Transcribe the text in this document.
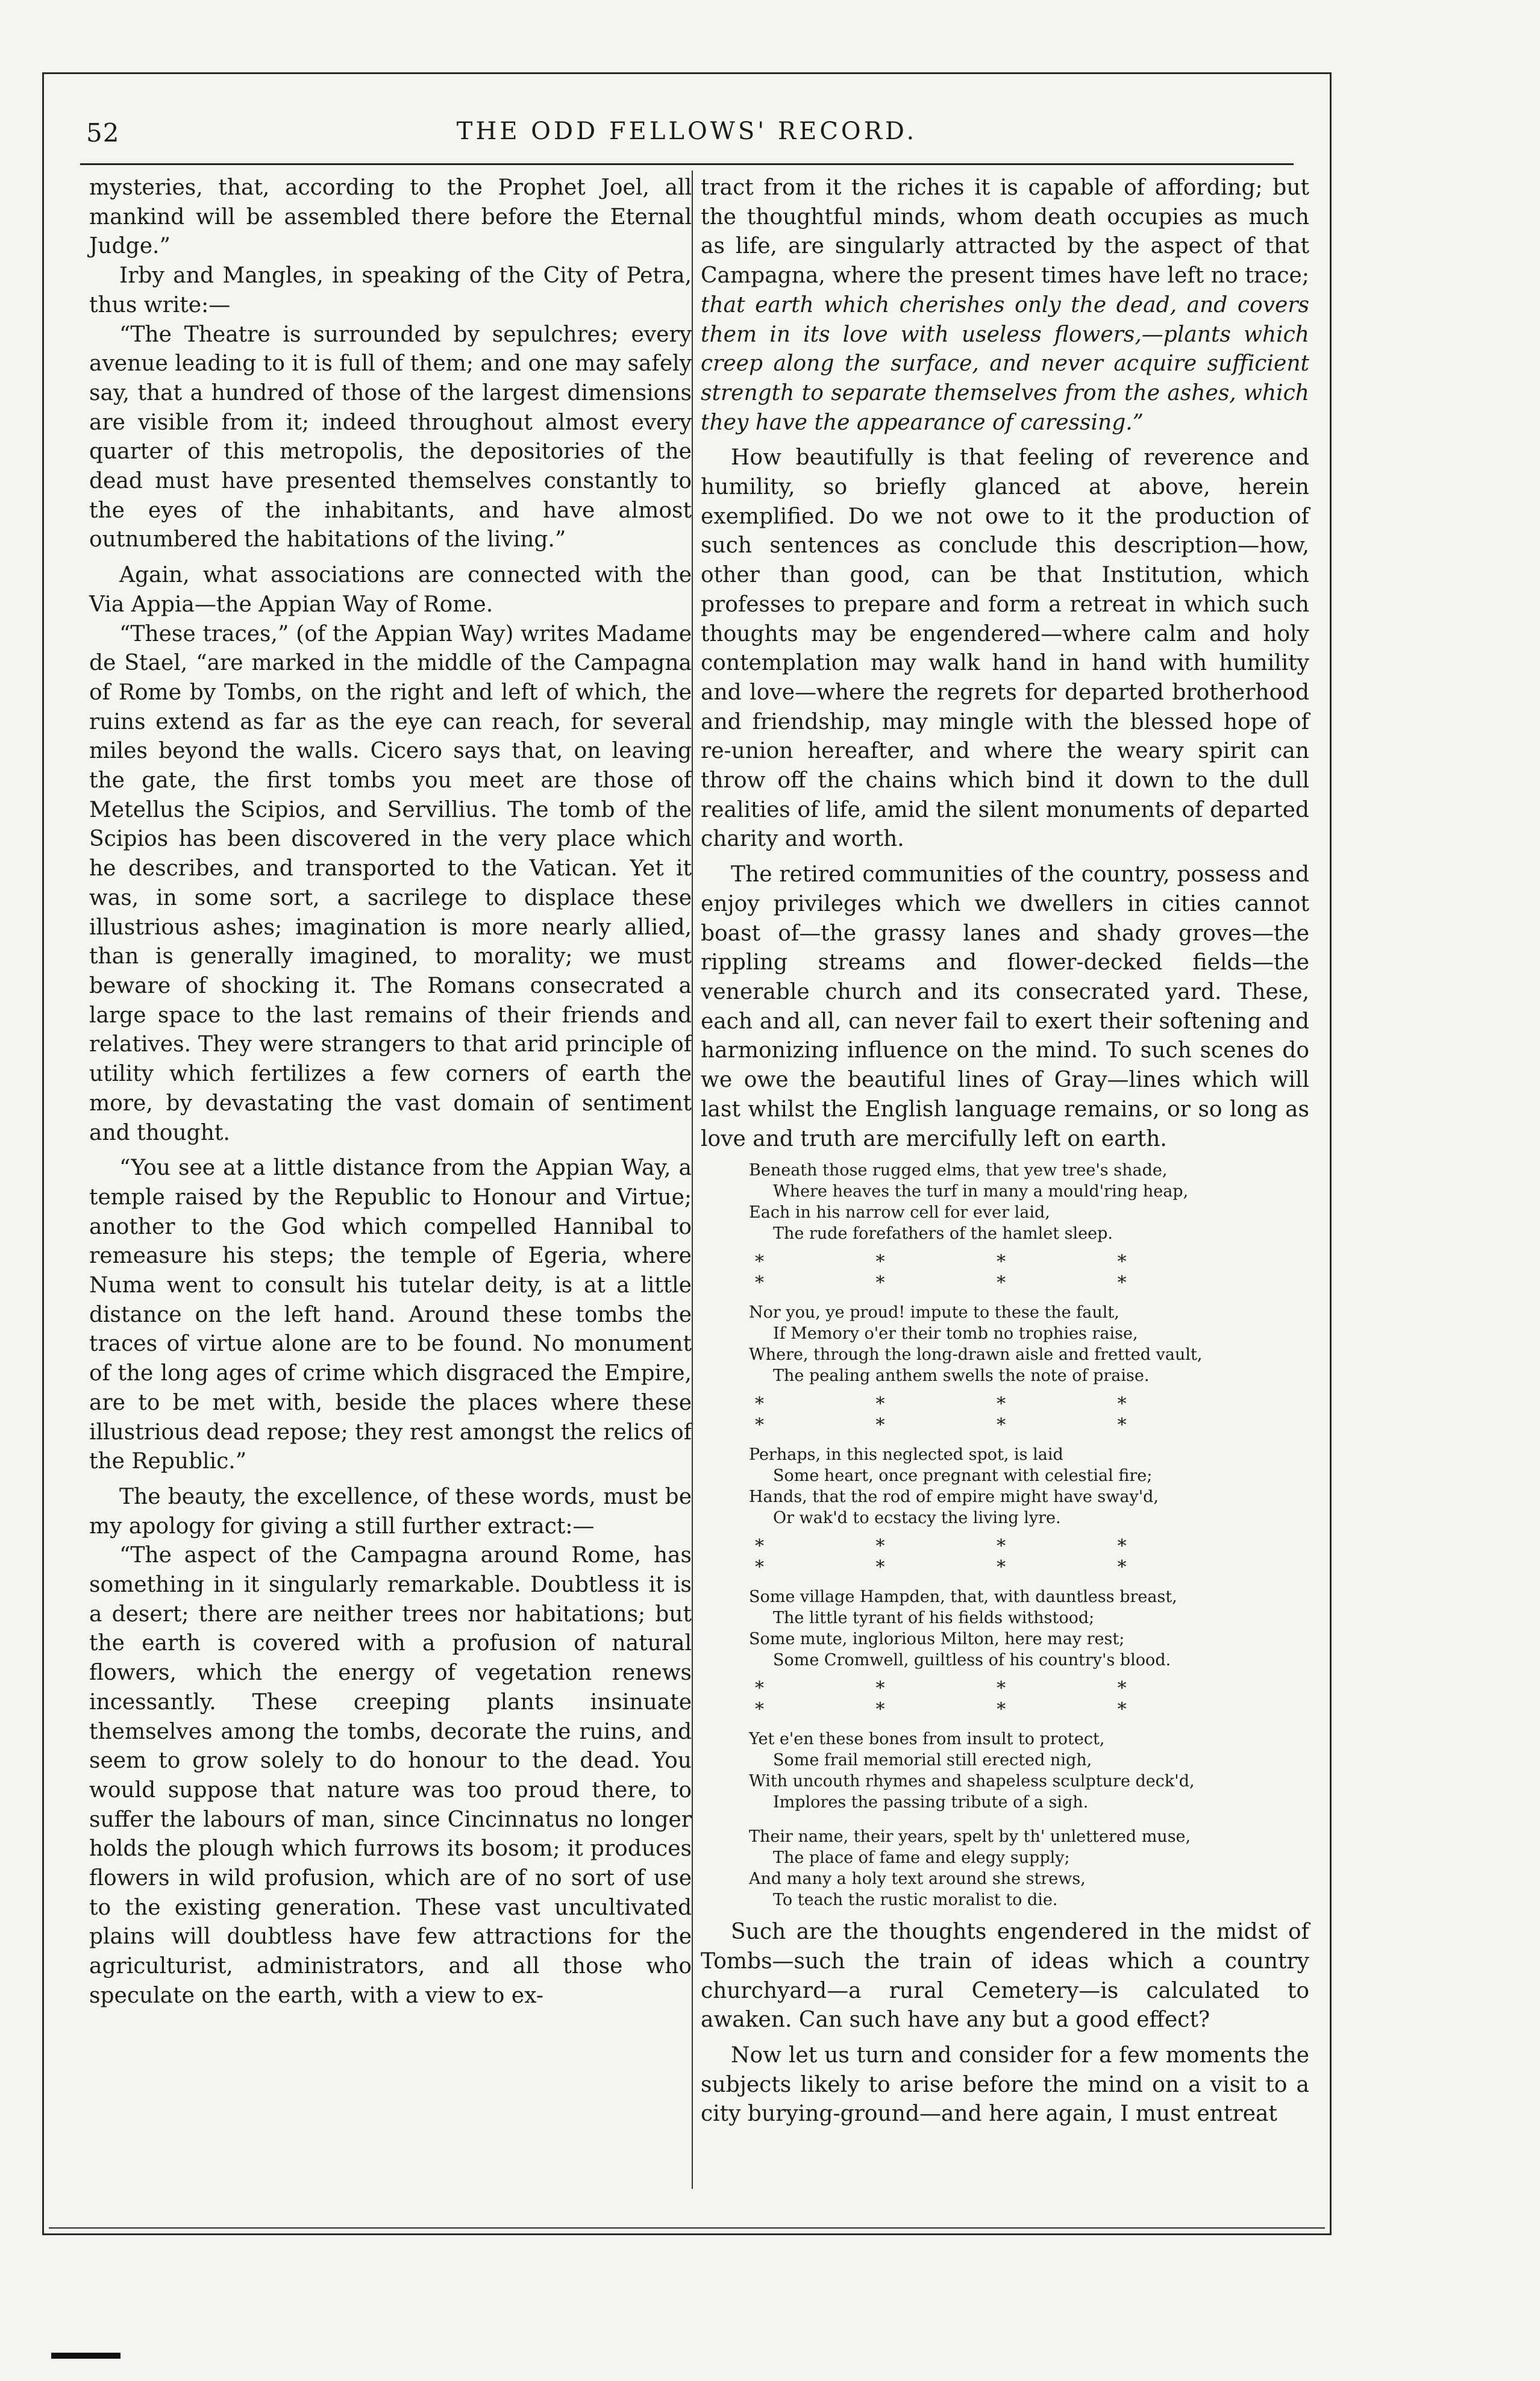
52	THE ODD FELLOWS' RECORD.

mysteries, that, according to the Prophet Joel, all mankind will be assembled there before the Eternal Judge.”

Irby and Mangles, in speaking of the City of Petra, thus write:—

“The Theatre is surrounded by sepulchres; every avenue leading to it is full of them; and one may safely say, that a hundred of those of the largest dimensions are visible from it; indeed throughout almost every quarter of this metropolis, the depositories of the dead must have presented themselves constantly to the eyes of the inhabitants, and have almost outnumbered the habitations of the living.”

Again, what associations are connected with the Via Appia—the Appian Way of Rome.

“These traces,” (of the Appian Way) writes Madame de Stael, “are marked in the middle of the Campagna of Rome by Tombs, on the right and left of which, the ruins extend as far as the eye can reach, for several miles beyond the walls. Cicero says that, on leaving the gate, the first tombs you meet are those of Metellus the Scipios, and Servillius. The tomb of the Scipios has been discovered in the very place which he describes, and transported to the Vatican. Yet it was, in some sort, a sacrilege to displace these illustrious ashes; imagination is more nearly allied, than is generally imagined, to morality; we must beware of shocking it. The Romans consecrated a large space to the last remains of their friends and relatives. They were strangers to that arid principle of utility which fertilizes a few corners of earth the more, by devastating the vast domain of sentiment and thought.

“You see at a little distance from the Appian Way, a temple raised by the Republic to Honour and Virtue; another to the God which compelled Hannibal to remeasure his steps; the temple of Egeria, where Numa went to consult his tutelar deity, is at a little distance on the left hand. Around these tombs the traces of virtue alone are to be found. No monument of the long ages of crime which disgraced the Empire, are to be met with, beside the places where these illustrious dead repose; they rest amongst the relics of the Republic.”

The beauty, the excellence, of these words, must be my apology for giving a still further extract:—

“The aspect of the Campagna around Rome, has something in it singularly remarkable. Doubtless it is a desert; there are neither trees nor habitations; but the earth is covered with a profusion of natural flowers, which the energy of vegetation renews incessantly. These creeping plants insinuate themselves among the tombs, decorate the ruins, and seem to grow solely to do honour to the dead. You would suppose that nature was too proud there, to suffer the labours of man, since Cincinnatus no longer holds the plough which furrows its bosom; it produces flowers in wild profusion, which are of no sort of use to the existing generation. These vast uncultivated plains will doubtless have few attractions for the agriculturist, administrators, and all those who speculate on the earth, with a view to ex-

tract from it the riches it is capable of affording; but the thoughtful minds, whom death occupies as much as life, are singularly attracted by the aspect of that Campagna, where the present times have left no trace; that earth which cherishes only the dead, and covers them in its love with useless flowers,—plants which creep along the surface, and never acquire sufficient strength to separate themselves from the ashes, which they have the appearance of caressing.”

How beautifully is that feeling of reverence and humility, so briefly glanced at above, herein exemplified. Do we not owe to it the production of such sentences as conclude this description—how, other than good, can be that Institution, which professes to prepare and form a retreat in which such thoughts may be engendered—where calm and holy contemplation may walk hand in hand with humility and love—where the regrets for departed brotherhood and friendship, may mingle with the blessed hope of re-union hereafter, and where the weary spirit can throw off the chains which bind it down to the dull realities of life, amid the silent monuments of departed charity and worth.

The retired communities of the country, possess and enjoy privileges which we dwellers in cities cannot boast of—the grassy lanes and shady groves—the rippling streams and flower-decked fields—the venerable church and its consecrated yard. These, each and all, can never fail to exert their softening and harmonizing influence on the mind. To such scenes do we owe the beautiful lines of Gray—lines which will last whilst the English language remains, or so long as love and truth are mercifully left on earth.

Beneath those rugged elms, that yew tree's shade,
Where heaves the turf in many a mould'ring heap,
Each in his narrow cell for ever laid,
The rude forefathers of the hamlet sleep.
* * * * * * * *
Nor you, ye proud! impute to these the fault,
If Memory o'er their tomb no trophies raise,
Where, through the long-drawn aisle and fretted vault,
The pealing anthem swells the note of praise.
* * * * * * * *
Perhaps, in this neglected spot, is laid
Some heart, once pregnant with celestial fire;
Hands, that the rod of empire might have sway'd,
Or wak'd to ecstacy the living lyre.
* * * * * * * *
Some village Hampden, that, with dauntless breast,
The little tyrant of his fields withstood;
Some mute, inglorious Milton, here may rest;
Some Cromwell, guiltless of his country's blood.
* * * * * * * *
Yet e'en these bones from insult to protect,
Some frail memorial still erected nigh,
With uncouth rhymes and shapeless sculpture deck'd,
Implores the passing tribute of a sigh.
Their name, their years, spelt by th' unlettered muse,
The place of fame and elegy supply;
And many a holy text around she strews,
To teach the rustic moralist to die.

Such are the thoughts engendered in the midst of Tombs—such the train of ideas which a country churchyard—a rural Cemetery—is calculated to awaken. Can such have any but a good effect?

Now let us turn and consider for a few moments the subjects likely to arise before the mind on a visit to a city burying-ground—and here again, I must entreat
